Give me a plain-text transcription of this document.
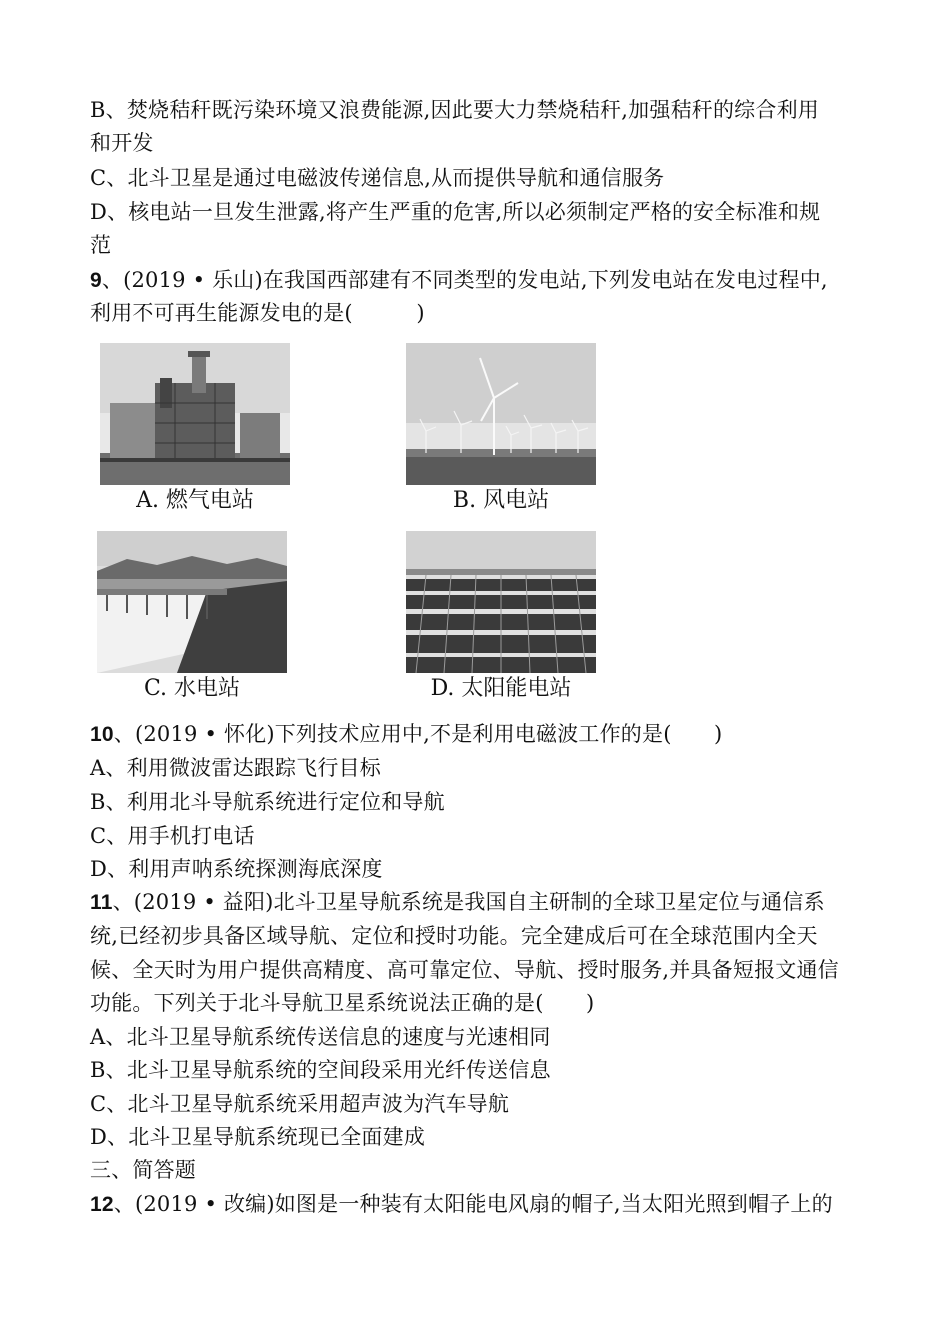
B、焚烧秸秆既污染环境又浪费能源,因此要大力禁烧秸秆,加强秸秆的综合利用
和开发
C、北斗卫星是通过电磁波传递信息,从而提供导航和通信服务
D、核电站一旦发生泄露,将产生严重的危害,所以必须制定严格的安全标准和规
范
9、(2019 • 乐山)在我国西部建有不同类型的发电站,下列发电站在发电过程中,
利用不可再生能源发电的是(　　　)
A. 燃气电站	B. 风电站
C. 水电站	D. 太阳能电站
10、(2019 • 怀化)下列技术应用中,不是利用电磁波工作的是(　　)
A、利用微波雷达跟踪飞行目标
B、利用北斗导航系统进行定位和导航
C、用手机打电话
D、利用声呐系统探测海底深度
11、(2019 • 益阳)北斗卫星导航系统是我国自主研制的全球卫星定位与通信系
统,已经初步具备区域导航、定位和授时功能。完全建成后可在全球范围内全天
候、全天时为用户提供高精度、高可靠定位、导航、授时服务,并具备短报文通信
功能。下列关于北斗导航卫星系统说法正确的是(　　)
A、北斗卫星导航系统传送信息的速度与光速相同
B、北斗卫星导航系统的空间段采用光纤传送信息
C、北斗卫星导航系统采用超声波为汽车导航
D、北斗卫星导航系统现已全面建成
三、简答题
12、(2019 • 改编)如图是一种装有太阳能电风扇的帽子,当太阳光照到帽子上的
